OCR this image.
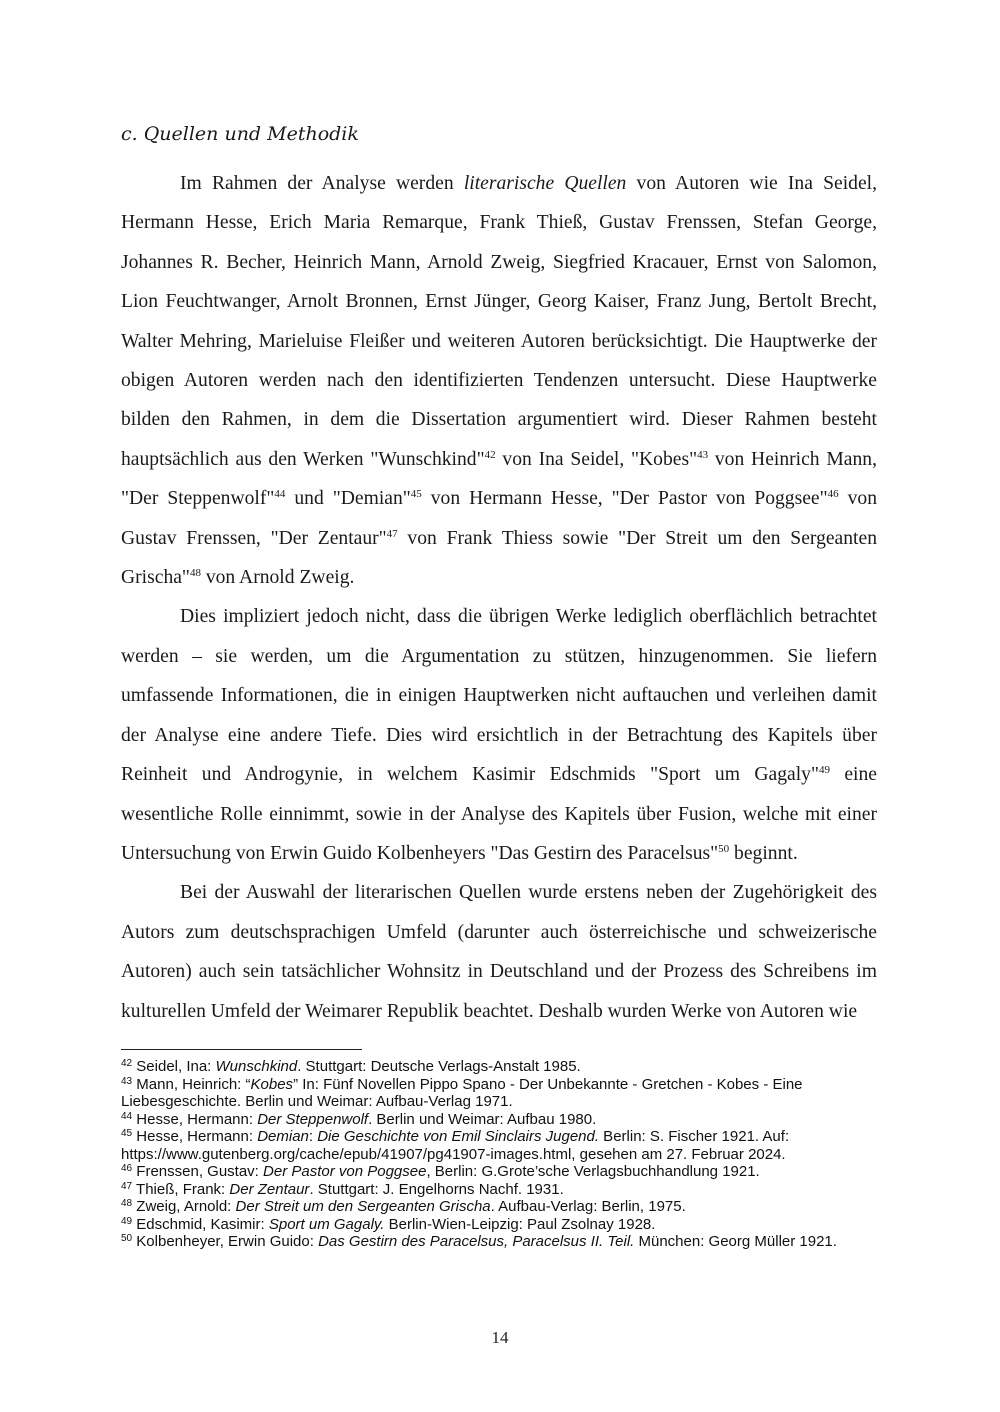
c. Quellen und Methodik

Im Rahmen der Analyse werden literarische Quellen von Autoren wie Ina Seidel, Hermann Hesse, Erich Maria Remarque, Frank Thieß, Gustav Frenssen, Stefan George, Johannes R. Becher, Heinrich Mann, Arnold Zweig, Siegfried Kracauer, Ernst von Salomon, Lion Feuchtwanger, Arnolt Bronnen, Ernst Jünger, Georg Kaiser, Franz Jung, Bertolt Brecht, Walter Mehring, Marieluise Fleißer und weiteren Autoren berücksichtigt. Die Hauptwerke der obigen Autoren werden nach den identifizierten Tendenzen untersucht. Diese Hauptwerke bilden den Rahmen, in dem die Dissertation argumentiert wird. Dieser Rahmen besteht hauptsächlich aus den Werken "Wunschkind"$^{42}$ von Ina Seidel, "Kobes"$^{43}$ von Heinrich Mann, "Der Steppenwolf"$^{44}$ und "Demian"$^{45}$ von Hermann Hesse, "Der Pastor von Poggsee"$^{46}$ von Gustav Frenssen, "Der Zentaur"$^{47}$ von Frank Thiess sowie "Der Streit um den Sergeanten Grischa"$^{48}$ von Arnold Zweig.

Dies impliziert jedoch nicht, dass die übrigen Werke lediglich oberflächlich betrachtet werden – sie werden, um die Argumentation zu stützen, hinzugenommen. Sie liefern umfassende Informationen, die in einigen Hauptwerken nicht auftauchen und verleihen damit der Analyse eine andere Tiefe. Dies wird ersichtlich in der Betrachtung des Kapitels über Reinheit und Androgynie, in welchem Kasimir Edschmids "Sport um Gagaly"$^{49}$ eine wesentliche Rolle einnimmt, sowie in der Analyse des Kapitels über Fusion, welche mit einer Untersuchung von Erwin Guido Kolbenheyers "Das Gestirn des Paracelsus"$^{50}$ beginnt.

Bei der Auswahl der literarischen Quellen wurde erstens neben der Zugehörigkeit des Autors zum deutschsprachigen Umfeld (darunter auch österreichische und schweizerische Autoren) auch sein tatsächlicher Wohnsitz in Deutschland und der Prozess des Schreibens im kulturellen Umfeld der Weimarer Republik beachtet. Deshalb wurden Werke von Autoren wie

$^{42}$ Seidel, Ina: Wunschkind. Stuttgart: Deutsche Verlags-Anstalt 1985.

$^{43}$ Mann, Heinrich: “Kobes” In: Fünf Novellen Pippo Spano - Der Unbekannte - Gretchen - Kobes - Eine Liebesgeschichte. Berlin und Weimar: Aufbau-Verlag 1971.

$^{44}$ Hesse, Hermann: Der Steppenwolf. Berlin und Weimar: Aufbau 1980.

$^{45}$ Hesse, Hermann: Demian: Die Geschichte von Emil Sinclairs Jugend. Berlin: S. Fischer 1921. Auf: https://www.gutenberg.org/cache/epub/41907/pg41907-images.html, gesehen am 27. Februar 2024.

$^{46}$ Frenssen, Gustav: Der Pastor von Poggsee, Berlin: G.Grote’sche Verlagsbuchhandlung 1921.

$^{47}$ Thieß, Frank: Der Zentaur. Stuttgart: J. Engelhorns Nachf. 1931.

$^{48}$ Zweig, Arnold: Der Streit um den Sergeanten Grischa. Aufbau-Verlag: Berlin, 1975.

$^{49}$ Edschmid, Kasimir: Sport um Gagaly. Berlin-Wien-Leipzig: Paul Zsolnay 1928.

$^{50}$ Kolbenheyer, Erwin Guido: Das Gestirn des Paracelsus, Paracelsus II. Teil. München: Georg Müller 1921.

14
